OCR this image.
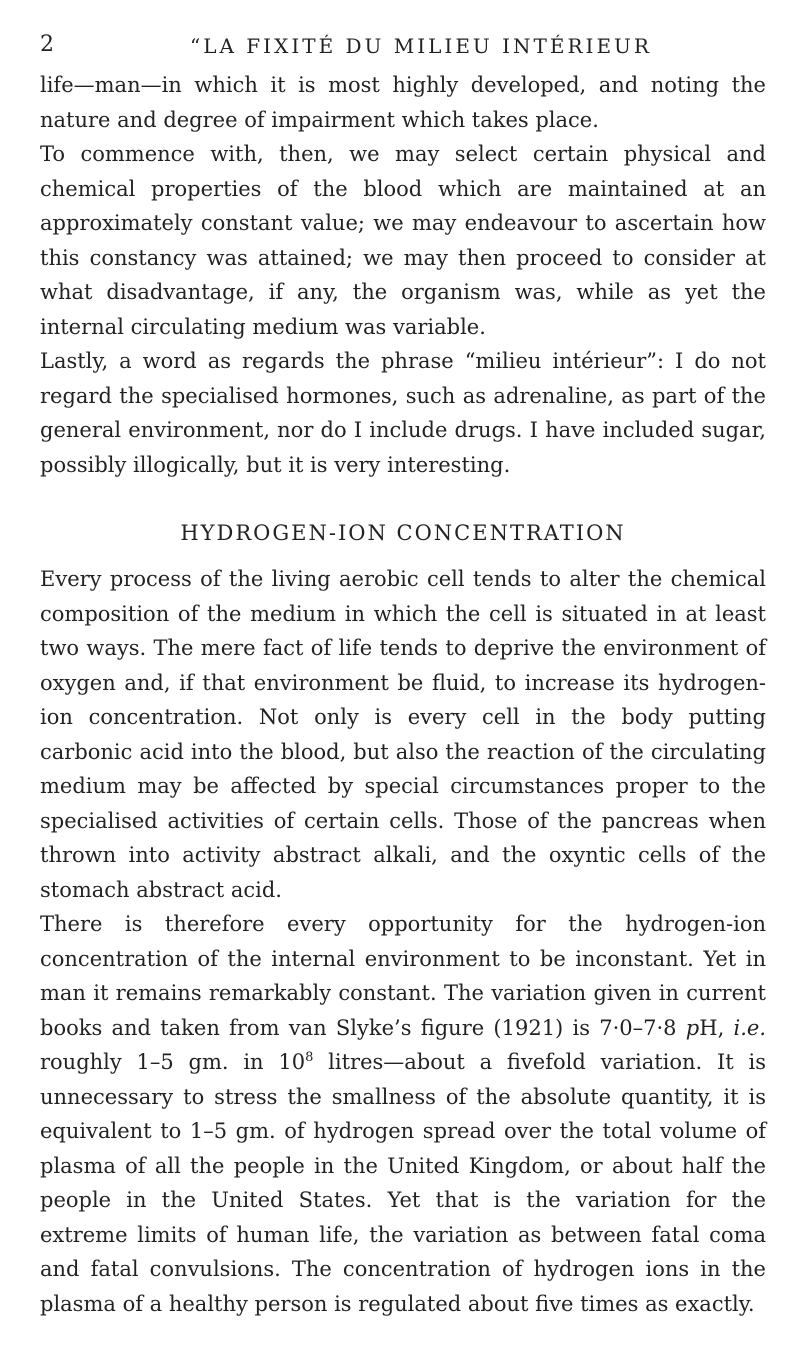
2	“LA FIXITÉ DU MILIEU INTÉRIEUR

life—man—in which it is most highly developed, and noting the nature and degree of impairment which takes place.

To commence with, then, we may select certain physical and chemical properties of the blood which are maintained at an approximately constant value; we may endeavour to ascertain how this constancy was attained; we may then proceed to consider at what disadvantage, if any, the organism was, while as yet the internal circulating medium was variable.

Lastly, a word as regards the phrase “milieu intérieur”: I do not regard the specialised hormones, such as adrenaline, as part of the general environment, nor do I include drugs. I have included sugar, possibly illogically, but it is very interesting.

HYDROGEN-ION CONCENTRATION

Every process of the living aerobic cell tends to alter the chemical composition of the medium in which the cell is situated in at least two ways. The mere fact of life tends to deprive the environment of oxygen and, if that environment be fluid, to increase its hydrogen-ion concentration. Not only is every cell in the body putting carbonic acid into the blood, but also the reaction of the circulating medium may be affected by special circumstances proper to the specialised activities of certain cells. Those of the pancreas when thrown into activity abstract alkali, and the oxyntic cells of the stomach abstract acid.

There is therefore every opportunity for the hydrogen-ion concentration of the internal environment to be inconstant. Yet in man it remains remarkably constant. The variation given in current books and taken from van Slyke’s figure (1921) is 7·0–7·8 pH, i.e. roughly 1–5 gm. in $10^8$ litres—about a fivefold variation. It is unnecessary to stress the smallness of the absolute quantity, it is equivalent to 1–5 gm. of hydrogen spread over the total volume of plasma of all the people in the United Kingdom, or about half the people in the United States. Yet that is the variation for the extreme limits of human life, the variation as between fatal coma and fatal convulsions. The concentration of hydrogen ions in the plasma of a healthy person is regulated about five times as exactly.
